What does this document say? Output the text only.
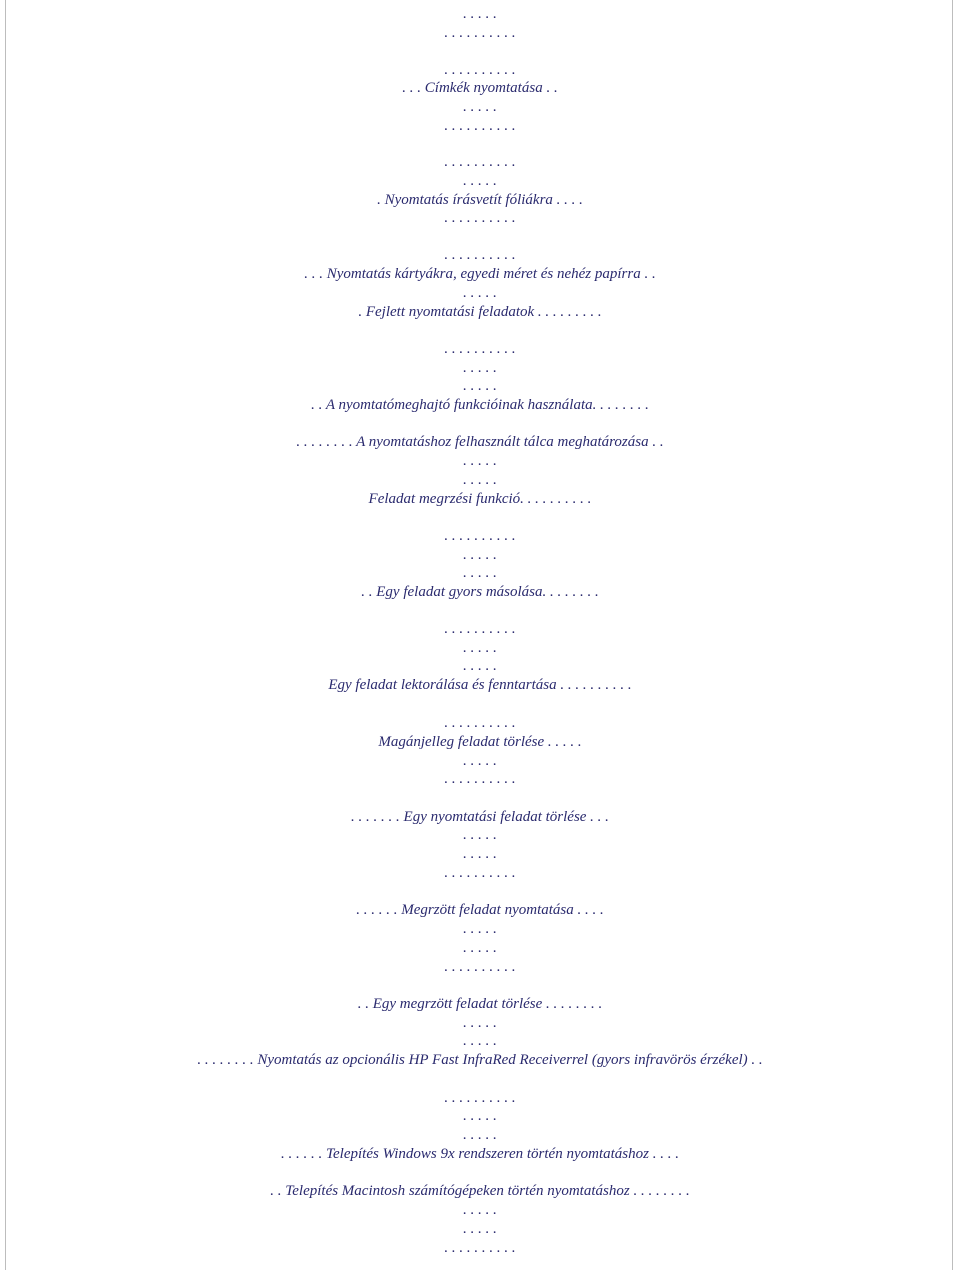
. . . . .
. . . . . . . . . .
. . . . . . . . . .
. . . Címkék nyomtatása . .
. . . . .
. . . . . . . . . .
. . . . . . . . . .
. . . . .
. Nyomtatás írásvetít fóliákra . . . .
. . . . . . . . . .
. . . . . . . . . .
. . . Nyomtatás kártyákra, egyedi méret és nehéz papírra . .
. . . . .
. Fejlett nyomtatási feladatok . . . . . . . . .
. . . . . . . . . .
. . . . .
. . . . .
. . A nyomtatómeghajtó funkcióinak használata. . . . . . . .
. . . . . . . . A nyomtatáshoz felhasznált tálca meghatározása . .
. . . . .
. . . . .
Feladat megrzési funkció. . . . . . . . . .
. . . . . . . . . .
. . . . .
. . . . .
. . Egy feladat gyors másolása. . . . . . . .
. . . . . . . . . .
. . . . .
. . . . .
Egy feladat lektorálása és fenntartása . . . . . . . . . .
. . . . . . . . . .
Magánjelleg feladat törlése . . . . .
. . . . .
. . . . . . . . . .
. . . . . . . Egy nyomtatási feladat törlése . . .
. . . . .
. . . . .
. . . . . . . . . .
. . . . . . Megrzött feladat nyomtatása . . . .
. . . . .
. . . . .
. . . . . . . . . .
. . Egy megrzött feladat törlése . . . . . . . .
. . . . .
. . . . .
. . . . . . . . Nyomtatás az opcionális HP Fast InfraRed Receiverrel (gyors infravörös érzékel) . .
. . . . . . . . . .
. . . . .
. . . . .
. . . . . . Telepítés Windows 9x rendszeren történ nyomtatáshoz . . . .
. . Telepítés Macintosh számítógépeken történ nyomtatáshoz . . . . . . . .
. . . . .
. . . . .
. . . . . . . . . .
